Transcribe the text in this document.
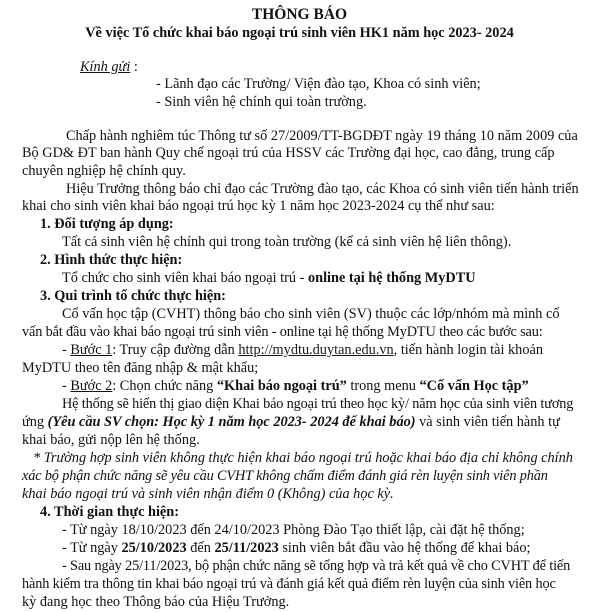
THÔNG BÁO
Về việc Tổ chức khai báo ngoại trú sinh viên HK1 năm học 2023- 2024
Kính gửi :
- Lãnh đạo các Trường/ Viện đào tạo, Khoa có sinh viên;
- Sinh viên hệ chính qui toàn trường.
Chấp hành nghiêm túc Thông tư số 27/2009/TT-BGDĐT ngày 19 tháng 10 năm 2009 của
Bộ GD& ĐT ban hành Quy chế ngoại trú của HSSV các Trường đại học, cao đẳng, trung cấp
chuyên nghiệp hệ chính quy.
Hiệu Trưởng thông báo chỉ đạo các Trường đào tạo, các Khoa có sinh viên tiến hành triển
khai cho sinh viên khai báo ngoại trú học kỳ 1 năm học 2023-2024 cụ thể như sau:
1. Đối tượng áp dụng:
Tất cả sinh viên hệ chính qui trong toàn trường (kể cả sinh viên hệ liên thông).
2. Hình thức thực hiện:
Tổ chức cho sinh viên khai báo ngoại trú - online tại hệ thống MyDTU
3. Qui trình tổ chức thực hiện:
Cố vấn học tập (CVHT) thông báo cho sinh viên (SV) thuộc các lớp/nhóm mà mình cố
vấn bắt đầu vào khai báo ngoại trú sinh viên - online tại hệ thống MyDTU theo các bước sau:
- Bước 1: Truy cập đường dẫn http://mydtu.duytan.edu.vn, tiến hành login tài khoản
MyDTU theo tên đăng nhập & mật khẩu;
- Bước 2: Chọn chức năng “Khai báo ngoại trú” trong menu “Cố vấn Học tập”
Hệ thống sẽ hiển thị giao diện Khai báo ngoại trú theo học kỳ/ năm học của sinh viên tương
ứng (Yêu cầu SV chọn: Học kỳ 1 năm học 2023- 2024 để khai báo) và sinh viên tiến hành tự
khai báo, gửi nộp lên hệ thống.
* Trường hợp sinh viên không thực hiện khai báo ngoại trú hoặc khai báo địa chỉ không chính
xác bộ phận chức năng sẽ yêu cầu CVHT không chấm điểm đánh giá rèn luyện sinh viên phần
khai báo ngoại trú và sinh viên nhận điểm 0 (Không) của học kỳ.
4. Thời gian thực hiện:
- Từ ngày 18/10/2023 đến 24/10/2023 Phòng Đào Tạo thiết lập, cài đặt hệ thống;
- Từ ngày 25/10/2023 đến 25/11/2023 sinh viên bắt đầu vào hệ thống để khai báo;
- Sau ngày 25/11/2023, bộ phận chức năng sẽ tổng hợp và trả kết quả về cho CVHT để tiến
hành kiểm tra thông tin khai báo ngoại trú và đánh giá kết quả điểm rèn luyện của sinh viên học
kỳ đang học theo Thông báo của Hiệu Trưởng.
